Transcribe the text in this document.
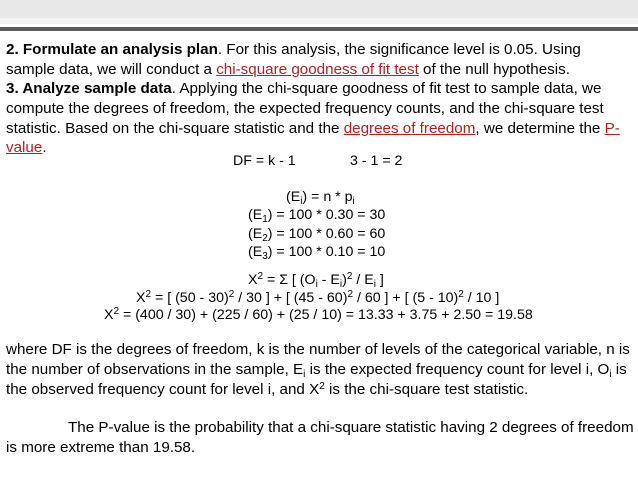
2. Formulate an analysis plan. For this analysis, the significance level is 0.05. Using sample data, we will conduct a chi-square goodness of fit test of the null hypothesis.

3. Analyze sample data. Applying the chi-square goodness of fit test to sample data, we compute the degrees of freedom, the expected frequency counts, and the chi-square test statistic. Based on the chi-square statistic and the degrees of freedom, we determine the P-value.

DF = k - 1	3 - 1 = 2
$(E_i) = n * p_i$
$(E_1) = 100 * 0.30 = 30$
$(E_2) = 100 * 0.60 = 60$
$(E_3) = 100 * 0.10 = 10$
$X^2 = \Sigma$ [ $(O_i - E_i)^2 / E_i$ ]
$X^2$ = [ (50 - 30)$^2$ / 30 ] + [ (45 - 60)$^2$ / 60 ] + [ (5 - 10)$^2$ / 10 ]
$X^2 = (400 / 30) + (225 / 60) + (25 / 10) = 13.33 + 3.75 + 2.50 = 19.58$

where DF is the degrees of freedom, k is the number of levels of the categorical variable, n is the number of observations in the sample, $E_i$ is the expected frequency count for level i, $O_i$ is the observed frequency count for level i, and $X^2$ is the chi-square test statistic.

The P-value is the probability that a chi-square statistic having 2 degrees of freedom is more extreme than 19.58.
